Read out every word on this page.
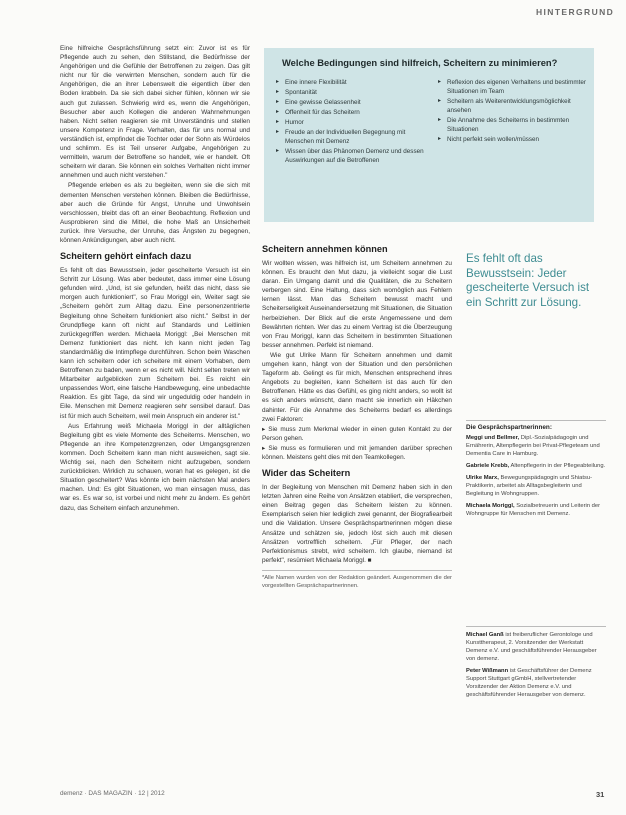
HINTERGRUND

Eine hilfreiche Gesprächsführung setzt ein: Zuvor ist es für Pflegende auch zu sehen, den Stillstand, die Bedürfnisse der Angehörigen und die Gefühle der Betroffenen zu zeigen. Das gilt nicht nur für die verwirrten Menschen, sondern auch für die Angehörigen, die an ihrer Lebenswelt die eigentlich über den Boden krabbeln. Da sie sich dabei sicher fühlen, können wir sie auch gut zulassen. Schwierig wird es, wenn die Angehörigen, Besucher aber auch Kollegen die anderen Wahrnehmungen haben. Nicht selten reagieren sie mit Unverständnis und stellen unsere Kompetenz in Frage. Verhalten, das für uns normal und verständlich ist, empfindet die Tochter oder der Sohn als Würdelos und schlimm. Es ist Teil unserer Aufgabe, Angehörigen zu vermitteln, warum der Betroffene so handelt, wie er handelt. Oft scheitern wir daran. Sie können ein solches Verhalten nicht immer annehmen und auch nicht verstehen."

Pflegende erleben es als zu begleiten, wenn sie die sich mit dementen Menschen verstehen können. Bleiben die Bedürfnisse, aber auch die Gründe für Angst, Unruhe und Unwohlsein verschlossen, bleibt das oft an einer Beobachtung. Reflexion und Ausprobieren sind die Mittel, die hohe Maß an Unsicherheit zurück. Ihre Versuche, der Unruhe, das Ängsten zu begegnen, können Ankündigungen, aber auch nicht.

Scheitern gehört einfach dazu

Es fehlt oft das Bewusstsein, jeder gescheiterte Versuch ist ein Schritt zur Lösung. Was aber bedeutet, dass immer eine Lösung gefunden wird. „Und, ist sie gefunden, heißt das nicht, dass sie morgen auch funktioniert", so Frau Moriggl ein, Weiter sagt sie „Scheitern gehört zum Alltag dazu. Eine personenzentrierte Begleitung ohne Scheitern funktioniert also nicht." Selbst in der Grundpflege kann oft nicht auf Standards und Leitlinien zurückgegriffen werden. Michaela Moriggl: „Bei Menschen mit Demenz funktioniert das nicht. Ich kann nicht jeden Tag standardmäßig die Intimpflege durchführen. Schon beim Waschen kann ich scheitern oder ich scheitere mit einem Vorhaben, dem Betroffenen zu baden, wenn er es nicht will. Nicht selten treten wir Mitarbeiter aufgeblicken zum Scheitern bei. Es reicht ein unpassendes Wort, eine falsche Handbewegung, eine unbedachte Reaktion. Es gibt Tage, da sind wir ungeduldig oder handeln in Eile. Menschen mit Demenz reagieren sehr sensibel darauf. Das ist für mich auch Scheitern, weil mein Anspruch ein anderer ist."

Aus Erfahrung weiß Michaela Moriggl in der alltäglichen Begleitung gibt es viele Momente des Scheiterns. Menschen, wo Pflegende an ihre Kompetenzgrenzen, oder Umgangsgrenzen kommen. Doch Scheitern kann man nicht ausweichen, sagt sie. Wichtig sei, nach den Scheitern nicht aufzugeben, sondern zurückblicken. Wirklich zu schauen, woran hat es gelegen, ist die Situation gescheitert? Was könnte ich beim nächsten Mal anders machen. Und: Es gibt Situationen, wo man einsagen muss, das war es. Es war so, ist vorbei und nicht mehr zu ändern. Es gehört dazu, das Scheitern einfach anzunehmen.

Welche Bedingungen sind hilfreich, Scheitern zu minimieren?
▸ Eine innere Flexibilität
▸ Spontanität
▸ Eine gewisse Gelassenheit
▸ Offenheit für das Scheitern
▸ Humor
▸ Freude an der Individuellen Begegnung mit Menschen mit Demenz
▸ Wissen über das Phänomen Demenz und dessen Auswirkungen auf die Betroffenen
▸ Reflexion des eigenen Verhaltens und bestimmter Situationen im Team
▸ Scheitern als Weiterentwicklungsmöglichkeit ansehen
▸ Die Annahme des Scheiterns in bestimmten Situationen
▸ Nicht perfekt sein wollen/müssen
Scheitern annehmen können

Wir wollten wissen, was hilfreich ist, um Scheitern annehmen zu können. Es braucht den Mut dazu, ja vielleicht sogar die Lust daran. Ein Umgang damit und die Qualitäten, die zu Scheitern verbergen sind. Eine Haltung, dass sich womöglich aus Fehlern lernen lässt. Man das Scheitern bewusst macht und Scheiterseligkeit Auseinandersetzung mit Situationen, die Situation herbeiziehen. Der Blick auf die erste Angemessene und dem Bewährten richten. Wer das zu einem Vertrag ist die Überzeugung von Frau Moriggl, kann das Scheitern in bestimmten Situationen besser annehmen. Perfekt ist niemand.

Wie gut Ulrike Mann für Scheitern annehmen und damit umgehen kann, hängt von der Situation und den persönlichen Tageform ab. Gelingt es für mich, Menschen entsprechend ihres Angebots zu begleiten, kann Scheitern ist das auch für den Betroffenen. Hätte es das Gefühl, es ging nicht anders, so wollt ist es sich anders wünscht, dann macht sie innerlich ein Häkchen dahinter. Für die Annahme des Scheiterns bedarf es allerdings zwei Faktoren:

▸ Sie muss zum Merkmal wieder in einen guten Kontakt zu der Person gehen.

▸ Sie muss es formulieren und mit jemanden darüber sprechen können. Meistens geht dies mit den Teamkollegen.

Wider das Scheitern

In der Begleitung von Menschen mit Demenz haben sich in den letzten Jahren eine Reihe von Ansätzen etabliert, die versprechen, einen Beitrag gegen das Scheitern leisten zu können. Exemplarisch seien hier lediglich zwei genannt, der Biografiearbeit und die Validation. Unsere Gesprächspartnerinnen mögen diese Ansätze und schätzen sie, jedoch löst sich auch mit diesen Ansätzen vortrefflich scheitern. „Für Pfleger, der nach Perfektionismus strebt, wird scheitern. Ich glaube, niemand ist perfekt", resümiert Michaela Moriggl. ■

*Alle Namen wurden von der Redaktion geändert. Ausgenommen die der vorgestellten Gesprächspartnerinnen.
Es fehlt oft das Bewusstsein: Jeder gescheiterte Versuch ist ein Schritt zur Lösung.
Die Gesprächspartnerinnen:

Meggi und Bellmer, Dipl.-Sozialpädagogin und Ernährerin, Altenpflegerin bei Privat-Pflegeteam und Dementia Care in Hamburg.

Gabriele Krebb, Altenpflegerin in der Pflegeabteilung.

Ulrike Marx, Bewegungspädagogin und Shiatsu-Praktikerin, arbeitet als Alltagsbegleiterin und Begleitung in Wohngruppen.

Michaela Moriggl, Sozialbetreuerin und Leiterin der Wohngruppe für Menschen mit Demenz.

Michael Ganß ist freiberuflicher Gerontologe und Kunsttherapeut, 2. Vorsitzender der Werkstatt Demenz e.V. und geschäftsführender Herausgeber von demenz.

Peter Wißmann ist Geschäftsführer der Demenz Support Stuttgart gGmbH, stellvertretender Vorsitzender der Aktion Demenz e.V. und geschäftsführender Herausgeber von demenz.

demenz · DAS MAGAZIN · 12 | 2012	31
